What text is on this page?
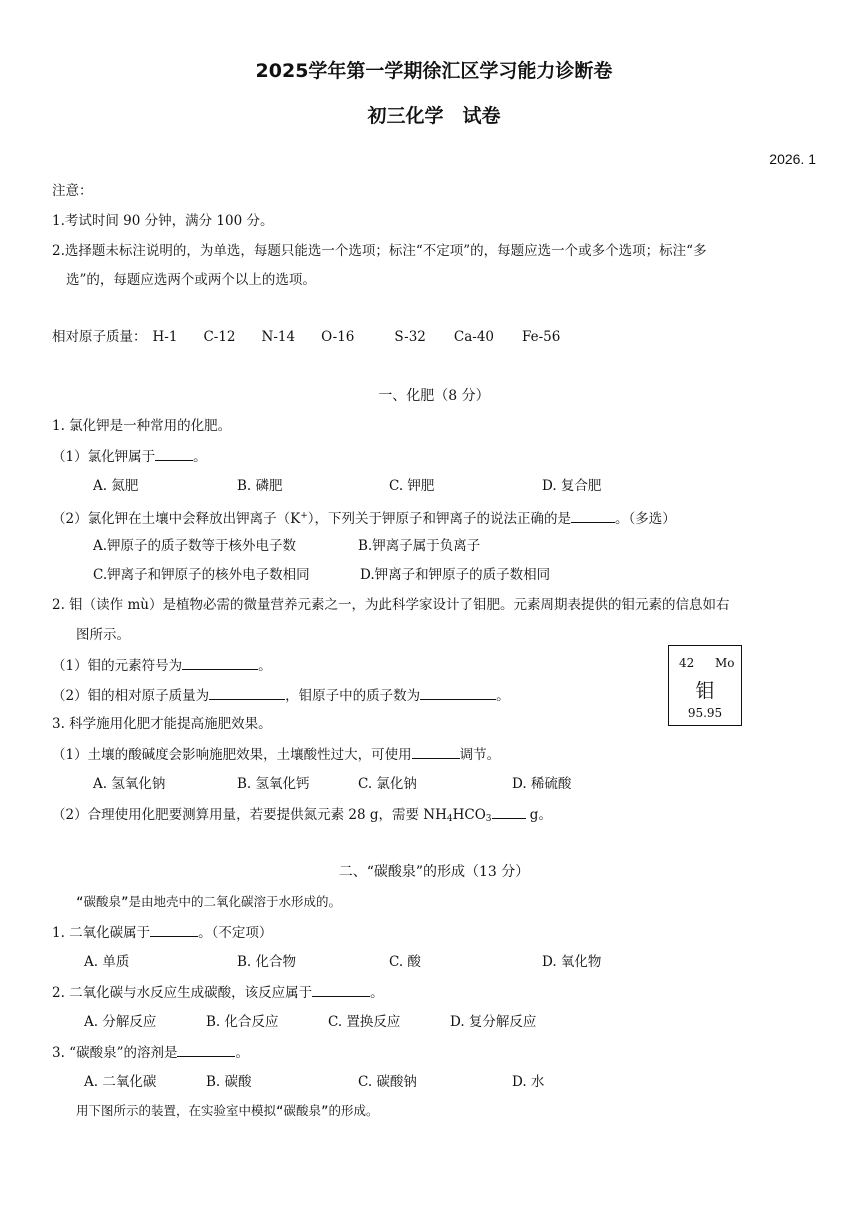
2025学年第一学期徐汇区学习能力诊断卷
初三化学　试卷
2026. 1
注意：
1.考试时间 90 分钟，满分 100 分。
2.选择题未标注说明的，为单选，每题只能选一个选项；标注“不定项”的，每题应选一个或多个选项；标注“多
选”的，每题应选两个或两个以上的选项。
相对原子质量： H-1 C-12 N-14 O-16	S-32 Ca-40 Fe-56
一、化肥（8 分）
1. 氯化钾是一种常用的化肥。
（1）氯化钾属于	。
A. 氮肥	B. 磷肥	C. 钾肥	D. 复合肥
（2）氯化钾在土壤中会释放出钾离子（K+），下列关于钾原子和钾离子的说法正确的是	。（多选）
A.钾原子的质子数等于核外电子数	B.钾离子属于负离子
C.钾离子和钾原子的核外电子数相同	D.钾离子和钾原子的质子数相同
2. 钼（读作 mù）是植物必需的微量营养元素之一，为此科学家设计了钼肥。元素周期表提供的钼元素的信息如右
图所示。
（1）钼的元素符号为	。
（2）钼的相对原子质量为	，钼原子中的质子数为	。
42 Mo
钼
95.95
3. 科学施用化肥才能提高施肥效果。
（1）土壤的酸碱度会影响施肥效果，土壤酸性过大，可使用	调节。
A. 氢氧化钠	B. 氢氧化钙	C. 氯化钠	D. 稀硫酸
（2）合理使用化肥要测算用量，若要提供氮元素 28 g，需要 $NH_4HCO_3$	g。
二、“碳酸泉”的形成（13 分）
“碳酸泉”是由地壳中的二氧化碳溶于水形成的。
1. 二氧化碳属于	。（不定项）
A. 单质	B. 化合物	C. 酸	D. 氧化物
2. 二氧化碳与水反应生成碳酸，该反应属于	。
A. 分解反应	B. 化合反应	C. 置换反应	D. 复分解反应
3. “碳酸泉”的溶剂是	。
A. 二氧化碳	B. 碳酸	C. 碳酸钠	D. 水
用下图所示的装置，在实验室中模拟“碳酸泉”的形成。
